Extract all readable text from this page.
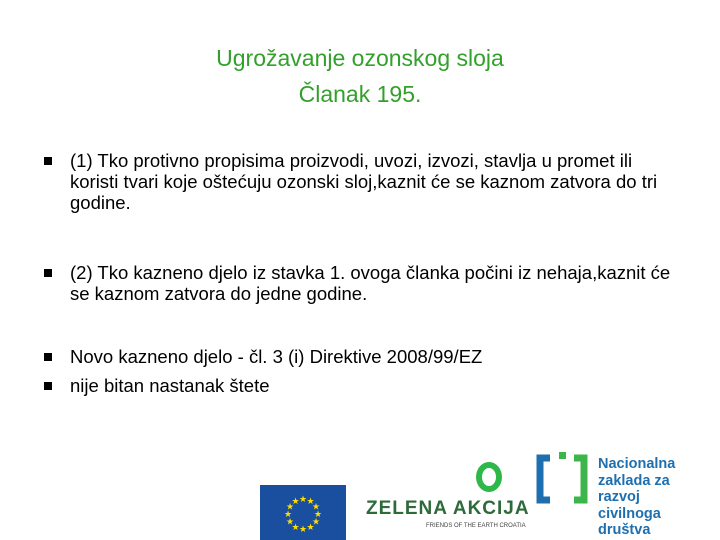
Ugrožavanje ozonskog sloja
Članak 195.
(1) Tko protivno propisima proizvodi, uvozi, izvozi, stavlja u promet ili koristi tvari koje oštećuju ozonski sloj,kaznit će se kaznom zatvora do tri godine.
(2) Tko kazneno djelo iz stavka 1. ovoga članka počini iz nehaja,kaznit će se kaznom zatvora do jedne godine.
Novo kazneno djelo - čl. 3 (i) Direktive 2008/99/EZ
nije bitan nastanak štete
★ ★
★
★
★
★
★
★
★
★
★
★	ZELENA AKCIJA
FRIENDS OF THE EARTH CROATIA
Nacionalna
zaklada za
razvoj
civilnoga
društva
